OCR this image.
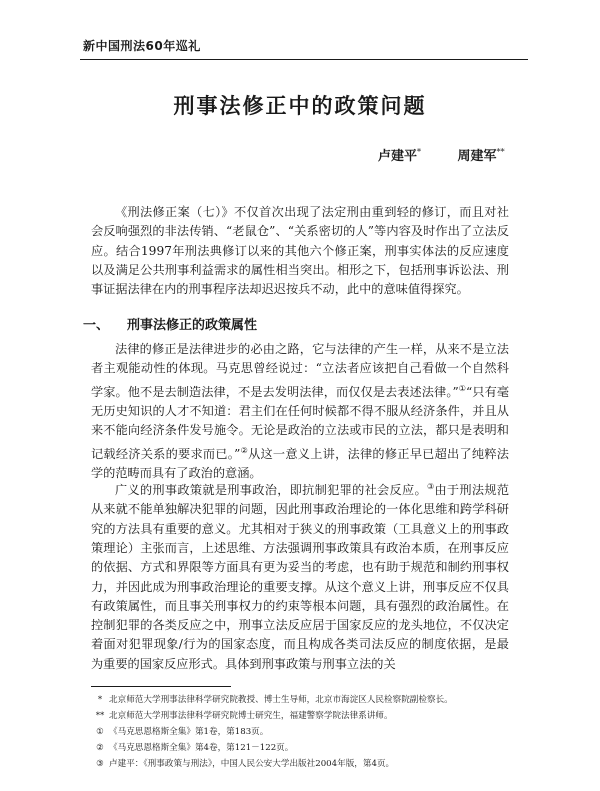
新中国刑法60年巡礼
刑事法修正中的政策问题
卢建平*	周建军**

《刑法修正案（七）》不仅首次出现了法定刑由重到轻的修订，而且对社会反响强烈的非法传销、“老鼠仓”、“关系密切的人”等内容及时作出了立法反应。结合1997年刑法典修订以来的其他六个修正案，刑事实体法的反应速度以及满足公共刑事利益需求的属性相当突出。相形之下，包括刑事诉讼法、刑事证据法律在内的刑事程序法却迟迟按兵不动，此中的意味值得探究。

一、 刑事法修正的政策属性

法律的修正是法律进步的必由之路，它与法律的产生一样，从来不是立法者主观能动性的体现。马克思曾经说过：“立法者应该把自己看做一个自然科学家。他不是去制造法律，不是去发明法律，而仅仅是去表述法律。”①“只有毫无历史知识的人才不知道：君主们在任何时候都不得不服从经济条件，并且从来不能向经济条件发号施令。无论是政治的立法或市民的立法，都只是表明和记载经济关系的要求而已。”②从这一意义上讲，法律的修正早已超出了纯粹法学的范畴而具有了政治的意涵。

广义的刑事政策就是刑事政治，即抗制犯罪的社会反应。③由于刑法规范从来就不能单独解决犯罪的问题，因此刑事政治理论的一体化思维和跨学科研究的方法具有重要的意义。尤其相对于狭义的刑事政策（工具意义上的刑事政策理论）主张而言，上述思维、方法强调刑事政策具有政治本质，在刑事反应的依据、方式和界限等方面具有更为妥当的考虑，也有助于规范和制约刑事权力，并因此成为刑事政治理论的重要支撑。从这个意义上讲，刑事反应不仅具有政策属性，而且事关刑事权力的约束等根本问题，具有强烈的政治属性。在控制犯罪的各类反应之中，刑事立法反应居于国家反应的龙头地位，不仅决定着面对犯罪现象/行为的国家态度，而且构成各类司法反应的制度依据，是最为重要的国家反应形式。具体到刑事政策与刑事立法的关

* 北京师范大学刑事法律科学研究院教授、博士生导师，北京市海淀区人民检察院副检察长。
** 北京师范大学刑事法律科学研究院博士研究生，福建警察学院法律系讲师。
① 《马克思恩格斯全集》第1卷，第183页。
② 《马克思恩格斯全集》第4卷，第121－122页。
③ 卢建平：《刑事政策与刑法》，中国人民公安大学出版社2004年版，第4页。
